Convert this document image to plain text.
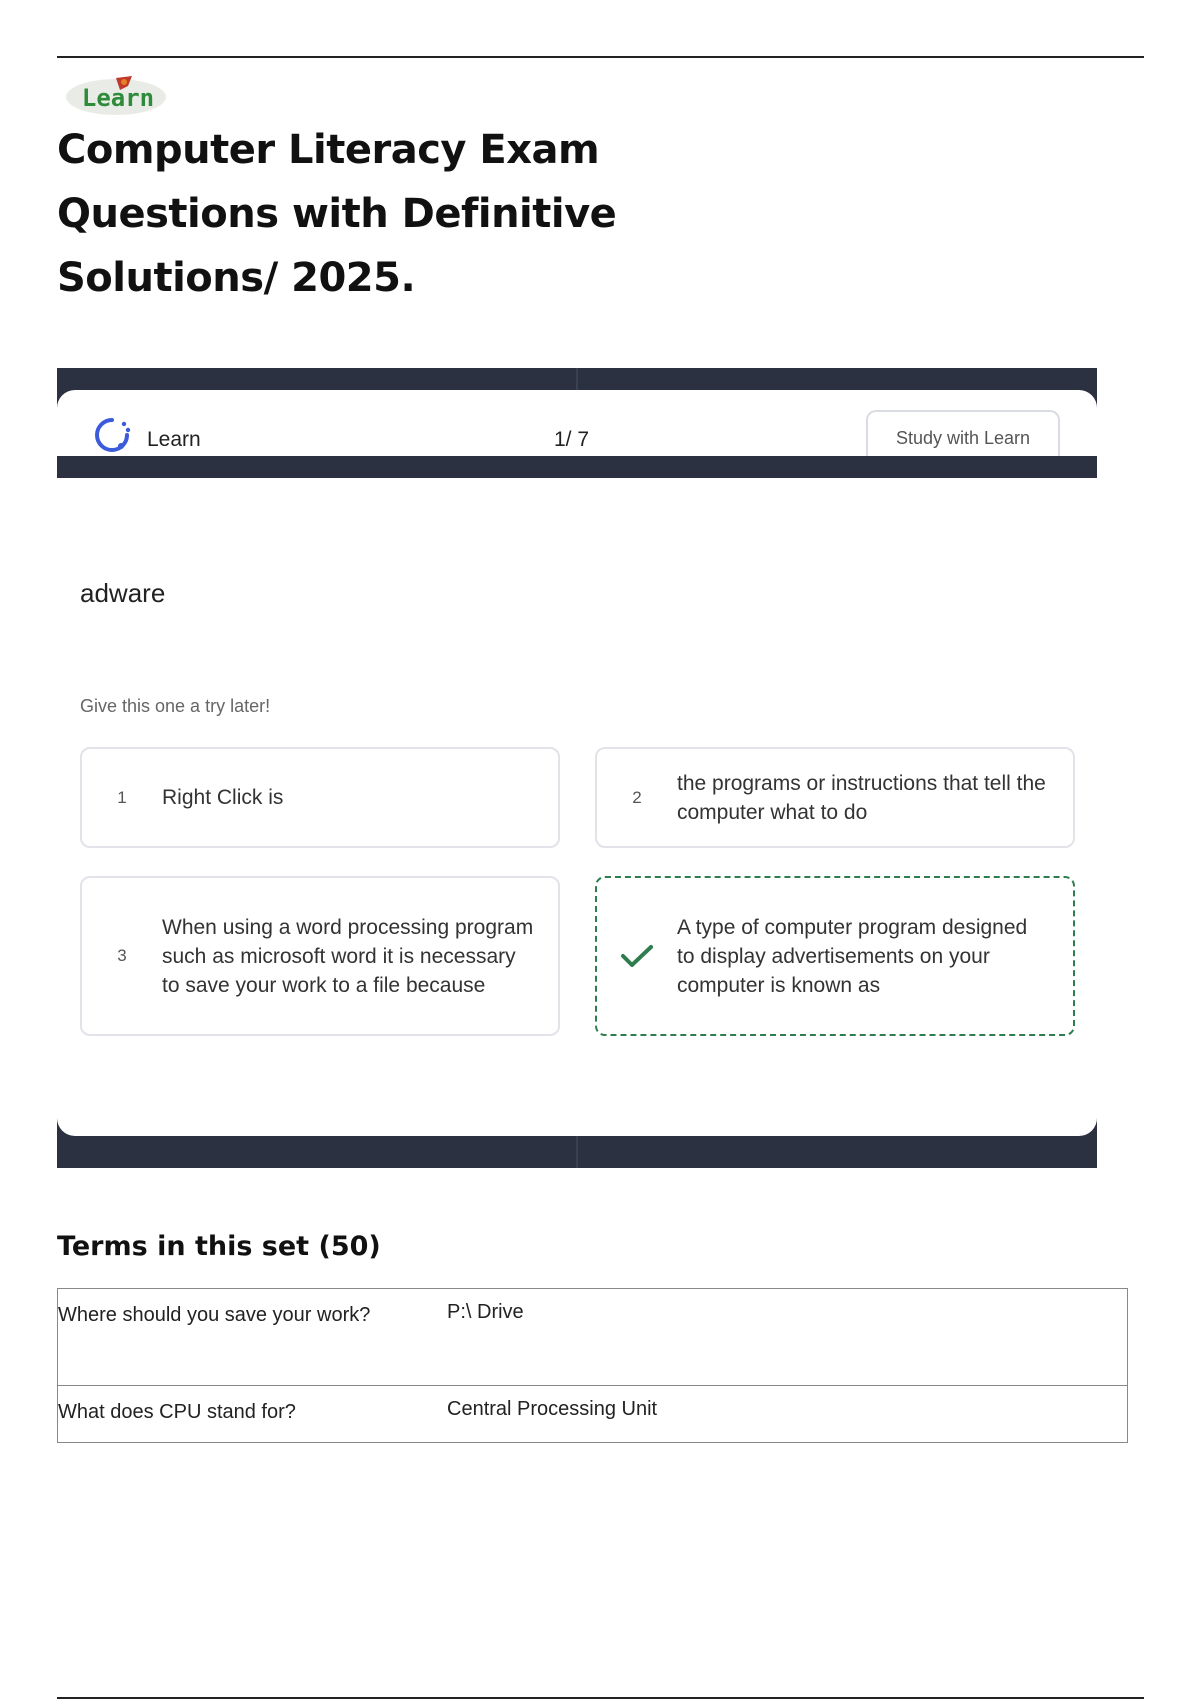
Learn
Computer Literacy Exam
Questions with Definitive
Solutions/ 2025.
Learn	1/ 7	Study with Learn
adware
Give this one a try later!
1	Right Click is	2
the programs or instructions that tell the computer what to do
3
When using a word processing program such as microsoft word it is necessary to save your work to a file because
A type of computer program designed to display advertisements on your computer is known as
Terms in this set (50)
Where should you save your work?	P:\ Drive
What does CPU stand for?	Central Processing Unit
